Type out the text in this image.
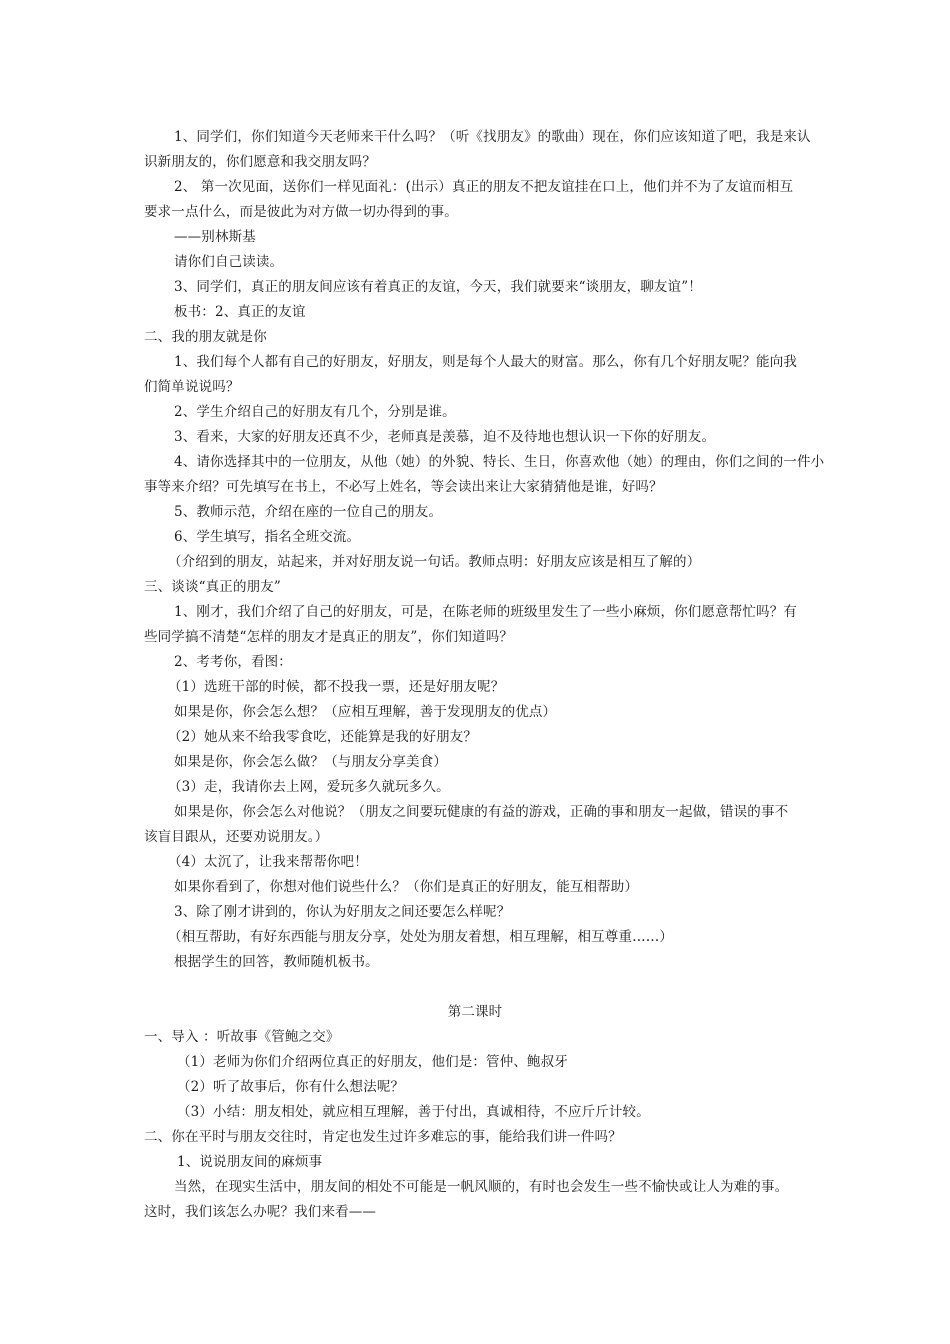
1、同学们，你们知道今天老师来干什么吗？（听《找朋友》的歌曲）现在，你们应该知道了吧，我是来认
识新朋友的，你们愿意和我交朋友吗？
2、 第一次见面，送你们一样见面礼：(出示）真正的朋友不把友谊挂在口上，他们并不为了友谊而相互
要求一点什么，而是彼此为对方做一切办得到的事。
——别林斯基
请你们自己读读。
3、同学们，真正的朋友间应该有着真正的友谊，今天，我们就要来“谈朋友，聊友谊”！
板书：2、真正的友谊
二、我的朋友就是你
1、我们每个人都有自己的好朋友，好朋友，则是每个人最大的财富。那么，你有几个好朋友呢？能向我
们简单说说吗？
2、学生介绍自己的好朋友有几个，分别是谁。
3、看来，大家的好朋友还真不少，老师真是羡慕，迫不及待地也想认识一下你的好朋友。
4、请你选择其中的一位朋友，从他（她）的外貌、特长、生日，你喜欢他（她）的理由，你们之间的一件小
事等来介绍？可先填写在书上，不必写上姓名，等会读出来让大家猜猜他是谁，好吗？
5、教师示范，介绍在座的一位自己的朋友。
6、学生填写，指名全班交流。
（介绍到的朋友，站起来，并对好朋友说一句话。教师点明：好朋友应该是相互了解的）
三、谈谈“真正的朋友”
1、刚才，我们介绍了自己的好朋友，可是，在陈老师的班级里发生了一些小麻烦，你们愿意帮忙吗？有
些同学搞不清楚“怎样的朋友才是真正的朋友”，你们知道吗？
2、考考你，看图：
（1）选班干部的时候，都不投我一票，还是好朋友呢？
如果是你，你会怎么想？（应相互理解，善于发现朋友的优点）
（2）她从来不给我零食吃，还能算是我的好朋友？
如果是你，你会怎么做？（与朋友分享美食）
（3）走，我请你去上网，爱玩多久就玩多久。
如果是你，你会怎么对他说？（朋友之间要玩健康的有益的游戏，正确的事和朋友一起做，错误的事不
该盲目跟从，还要劝说朋友。）
（4）太沉了，让我来帮帮你吧！
如果你看到了，你想对他们说些什么？（你们是真正的好朋友，能互相帮助）
3、除了刚才讲到的，你认为好朋友之间还要怎么样呢？
（相互帮助，有好东西能与朋友分享，处处为朋友着想，相互理解，相互尊重……）
根据学生的回答，教师随机板书。
第二课时
一、导入 ：听故事《管鲍之交》
（1）老师为你们介绍两位真正的好朋友，他们是：管仲、鲍叔牙
（2）听了故事后，你有什么想法呢？
（3）小结：朋友相处，就应相互理解，善于付出，真诚相待，不应斤斤计较。
二、你在平时与朋友交往时，肯定也发生过许多难忘的事，能给我们讲一件吗？
1、说说朋友间的麻烦事
当然，在现实生活中，朋友间的相处不可能是一帆风顺的，有时也会发生一些不愉快或让人为难的事。
这时，我们该怎么办呢？我们来看——
